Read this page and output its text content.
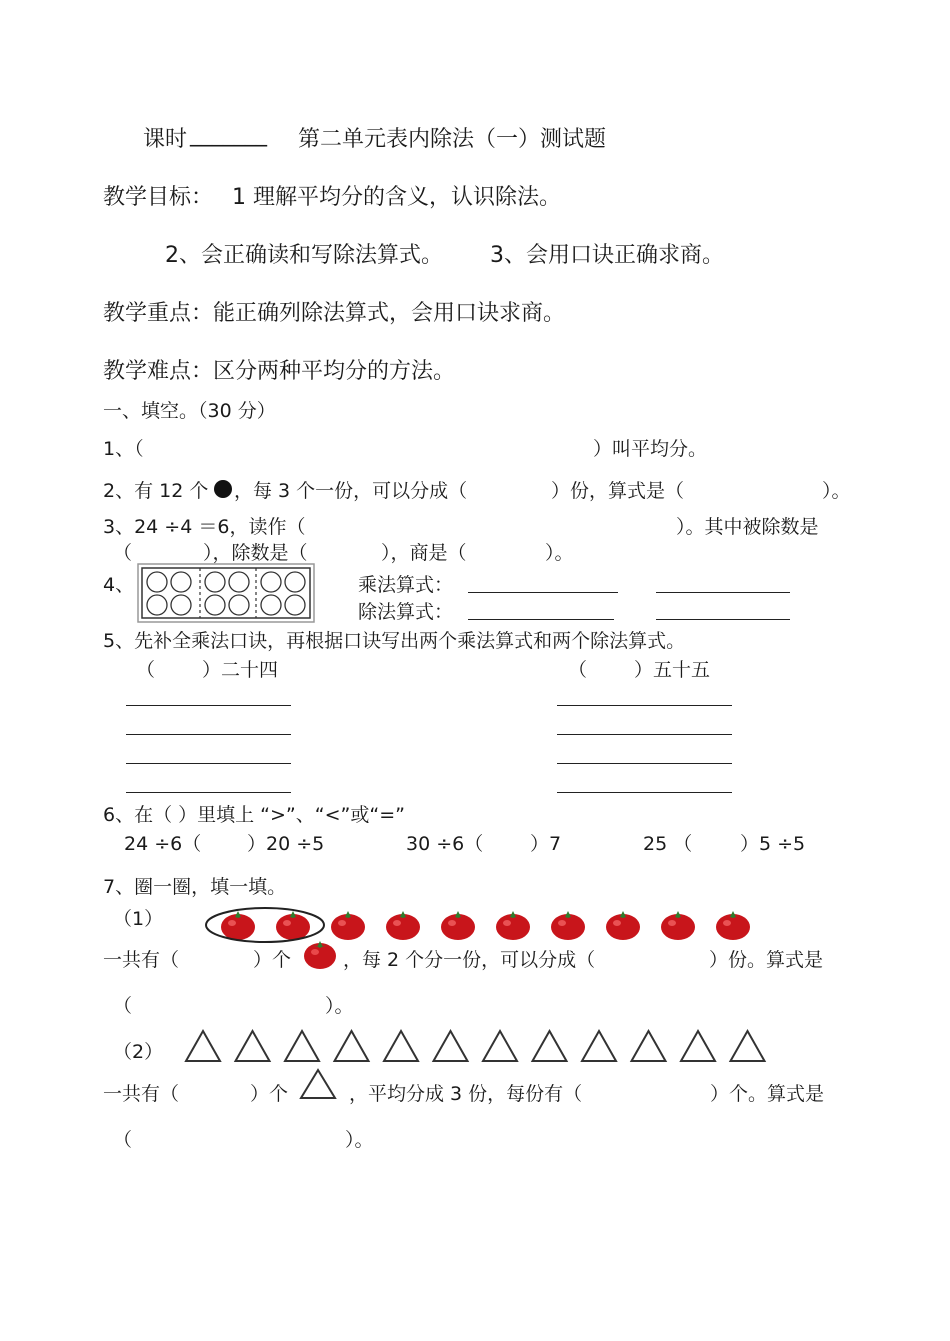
课时 _______ 第二单元表内除法（一）测试题
教学目标： 1 理解平均分的含义，认识除法。
2、会正确读和写除法算式。 3、会用口诀正确求商。
教学重点：能正确列除法算式，会用口诀求商。
教学难点：区分两种平均分的方法。
一、填空。（30 分）
1、（	）叫平均分。
2、有 12 个 ，每 3 个一份，可以分成（	）份，算式是（	）。
3、24 ÷4 ＝6，读作（	）。其中被除数是
（	），除数是（	），商是（	）。
4、	乘法算式：
除法算式：
5、先补全乘法口诀，再根据口诀写出两个乘法算式和两个除法算式。
（ ）二十四	（ ）五十五
6、在（ ）里填上 “>”、“<”或“=”
24 ÷6（ ）20 ÷5	30 ÷6（ ）7	25 （	）5 ÷5
7、圈一圈，填一填。
（1）
一共有（	）个	，每 2 个分一份，可以分成（	）份。算式是
（	）。
（2）
一共有（	）个	，平均分成 3 份，每份有（	）个。算式是
（	）。
